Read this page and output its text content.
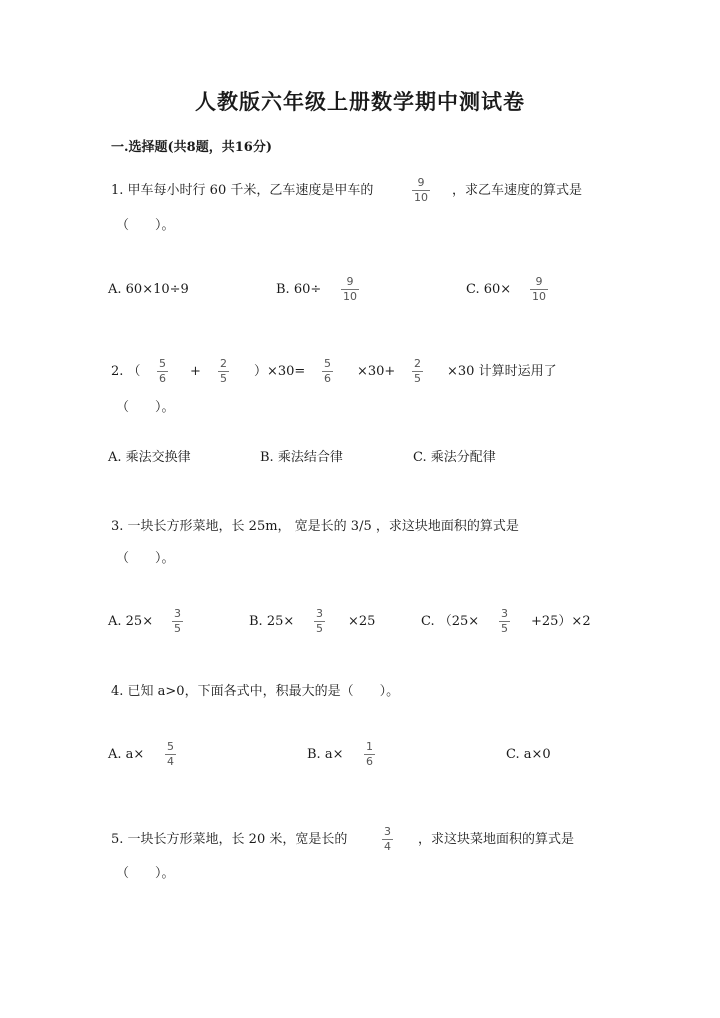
人教版六年级上册数学期中测试卷
一.选择题(共8题，共16分)
1. 甲车每小时行 60 千米，乙车速度是甲车的
9
10 ，求乙车速度的算式是
（　　）。
A. 60×10÷9	B. 60÷
9
10	C. 60×
9
10
2. （
5
6 +
2
5 ）×30=
5
6 ×30+
2
5 ×30 计算时运用了
（　　）。
A. 乘法交换律	B. 乘法结合律	C. 乘法分配律
3. 一块长方形菜地，长 25m， 宽是长的 3/5 ，求这块地面积的算式是
（　　）。
A. 25×
3
5	B. 25×
3
5 ×25	C. （25×
3
5 +25）×2
4. 已知 a>0，下面各式中，积最大的是（　　）。
A. a×
5
4	B. a×
1
6	C. a×0
5. 一块长方形菜地，长 20 米，宽是长的
3
4 ，求这块菜地面积的算式是
（　　）。
